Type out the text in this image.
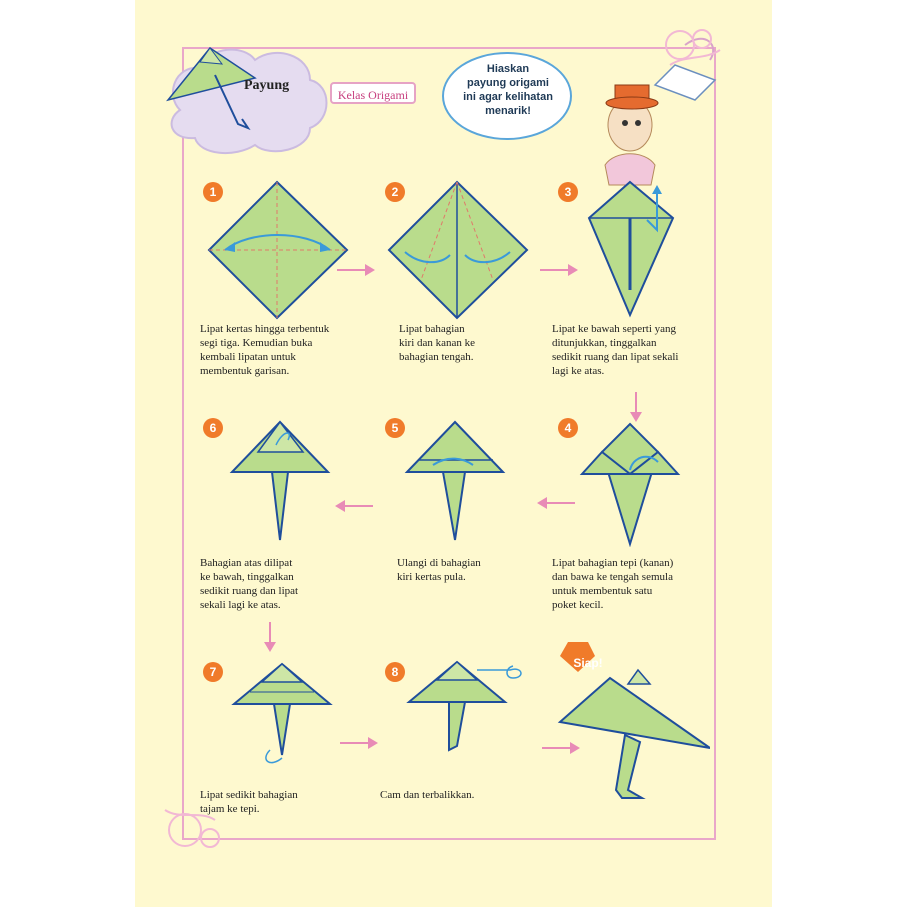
Payung
Kelas Origami
Hiaskan
payung origami
ini agar kelihatan
menarik!
1	2	3
Lipat kertas hingga terbentuk
segi tiga. Kemudian buka
kembali lipatan untuk
membentuk garisan.
Lipat bahagian
kiri dan kanan ke
bahagian tengah.
Lipat ke bawah seperti yang
ditunjukkan, tinggalkan
sedikit ruang dan lipat sekali
lagi ke atas.
6	5	4
Bahagian atas dilipat
ke bawah, tinggalkan
sedikit ruang dan lipat
sekali lagi ke atas.
Ulangi di bahagian
kiri kertas pula.
Lipat bahagian tepi (kanan)
dan bawa ke tengah semula
untuk membentuk satu
poket kecil.
7	8
Siap!
Lipat sedikit bahagian
tajam ke tepi.
Cam dan terbalikkan.
